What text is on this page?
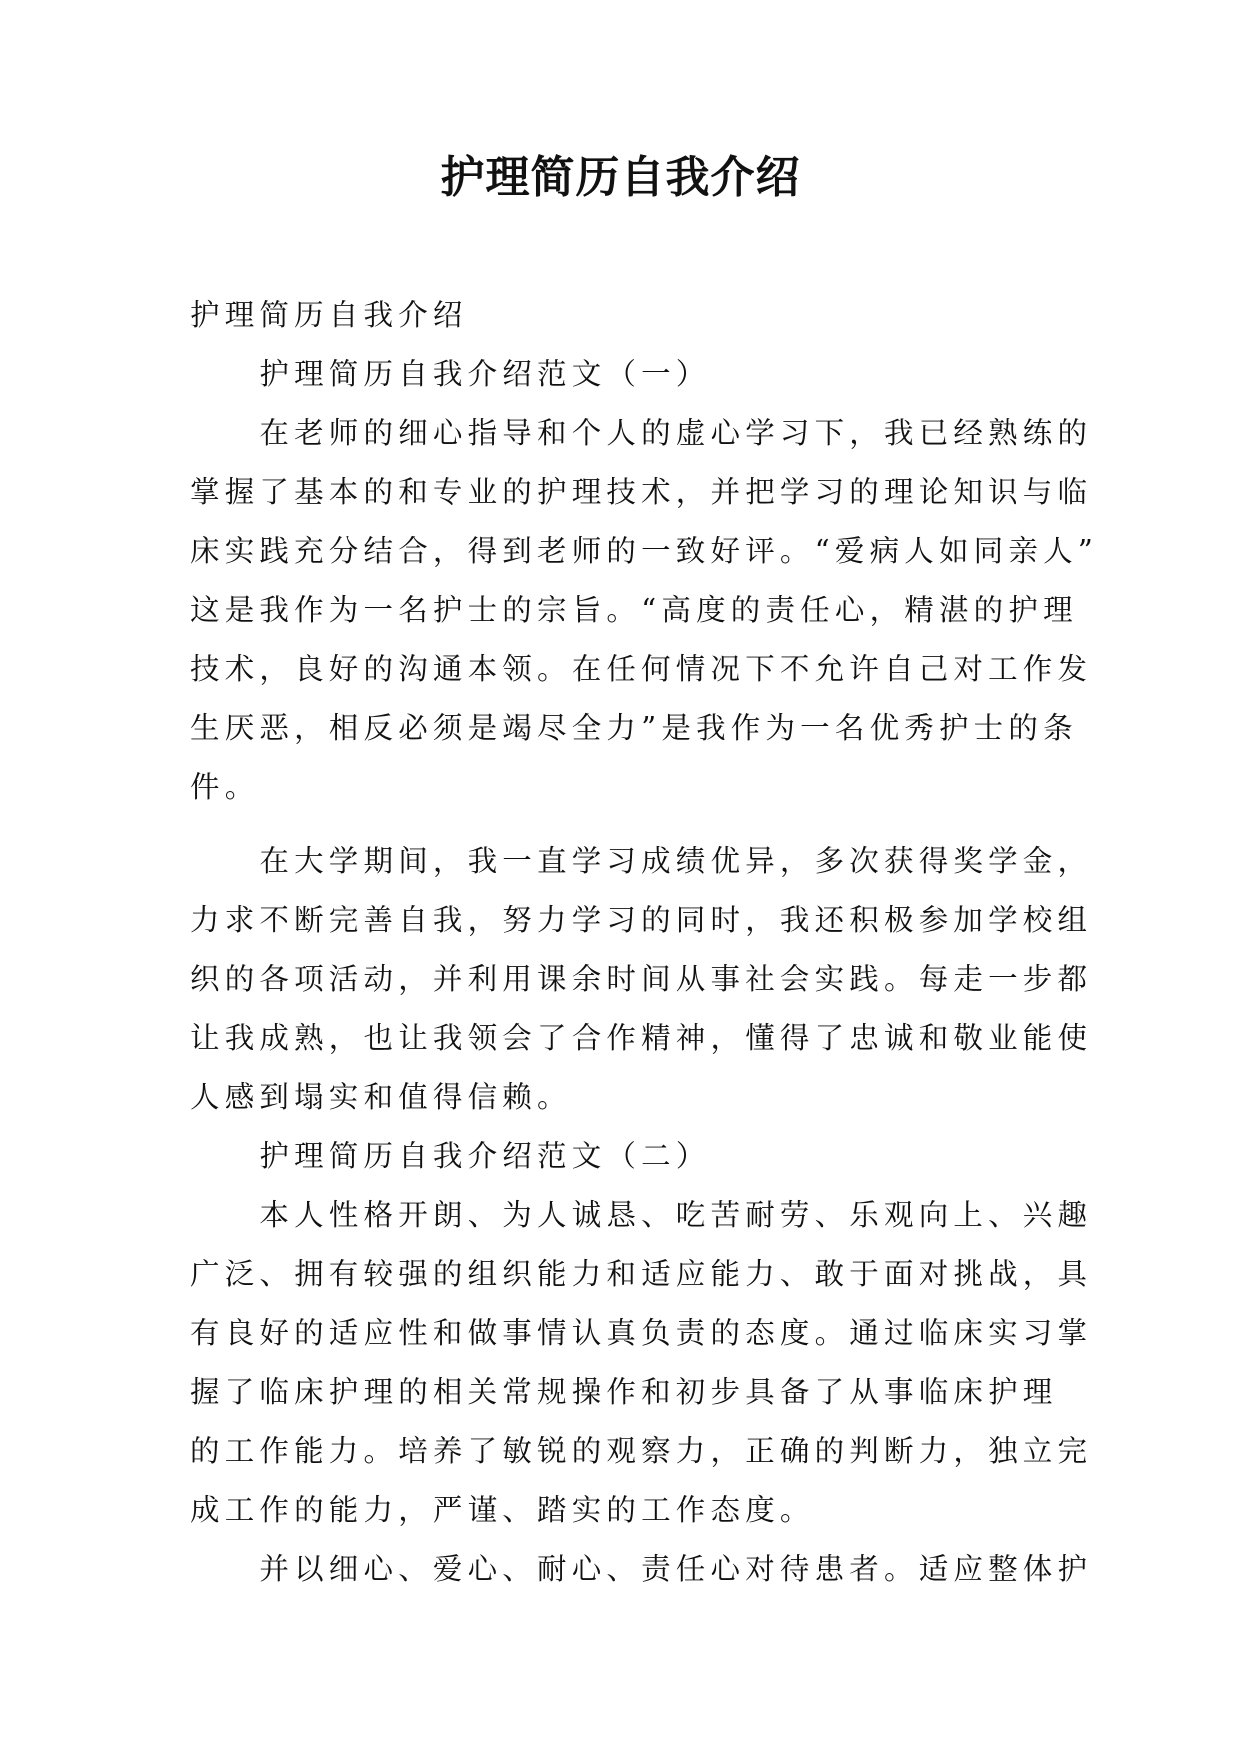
护理简历自我介绍

护理简历自我介绍

　　护理简历自我介绍范文（一）

　　在老师的细心指导和个人的虚心学习下，我已经熟练的

掌握了基本的和专业的护理技术，并把学习的理论知识与临

床实践充分结合，得到老师的一致好评。“爱病人如同亲人”

这是我作为一名护士的宗旨。“高度的责任心，精湛的护理

技术，良好的沟通本领。在任何情况下不允许自己对工作发

生厌恶，相反必须是竭尽全力”是我作为一名优秀护士的条

件。

　　在大学期间，我一直学习成绩优异，多次获得奖学金，

力求不断完善自我，努力学习的同时，我还积极参加学校组

织的各项活动，并利用课余时间从事社会实践。每走一步都

让我成熟，也让我领会了合作精神，懂得了忠诚和敬业能使

人感到塌实和值得信赖。

　　护理简历自我介绍范文（二）

　　本人性格开朗、为人诚恳、吃苦耐劳、乐观向上、兴趣

广泛、拥有较强的组织能力和适应能力、敢于面对挑战，具

有良好的适应性和做事情认真负责的态度。通过临床实习掌

握了临床护理的相关常规操作和初步具备了从事临床护理

的工作能力。培养了敏锐的观察力，正确的判断力，独立完

成工作的能力，严谨、踏实的工作态度。

　　并以细心、爱心、耐心、责任心对待患者。适应整体护
